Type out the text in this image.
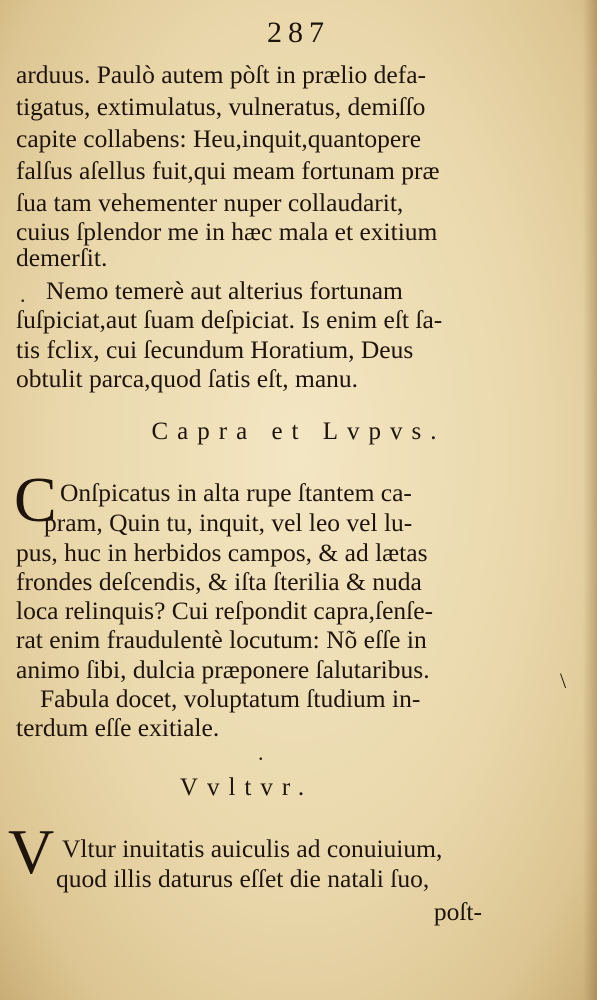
287
arduus. Paulò autem pòſt in prælio defa-
tigatus, extimulatus, vulneratus, demiſſo
capite collabens: Heu,inquit,quantopere
falſus aſellus fuit,qui meam fortunam præ
ſua tam vehementer nuper collaudarit,
cuius ſplendor me in hæc mala et exitium
demerſit.
Nemo temerè aut alterius fortunam
ſuſpiciat,aut ſuam deſpiciat. Is enim eſt ſa-
tis fclix, cui ſecundum Horatium, Deus
obtulit parca,quod ſatis eſt, manu.
Capra et Lvpvs.
C Onſpicatus in alta rupe ſtantem ca-
pram, Quin tu, inquit, vel leo vel lu-
pus, huc in herbidos campos, & ad lætas
frondes deſcendis, & iſta ſterilia & nuda
loca relinquis? Cui reſpondit capra,ſenſe-
rat enim fraudulentè locutum: Nõ eſſe in
animo ſibi, dulcia præponere ſalutaribus.
Fabula docet, voluptatum ſtudium in-
terdum eſſe exitiale.
.
.
\
Vvltvr.
V Vltur inuitatis auiculis ad conuiuium,
quod illis daturus eſſet die natali ſuo,
poſt-
